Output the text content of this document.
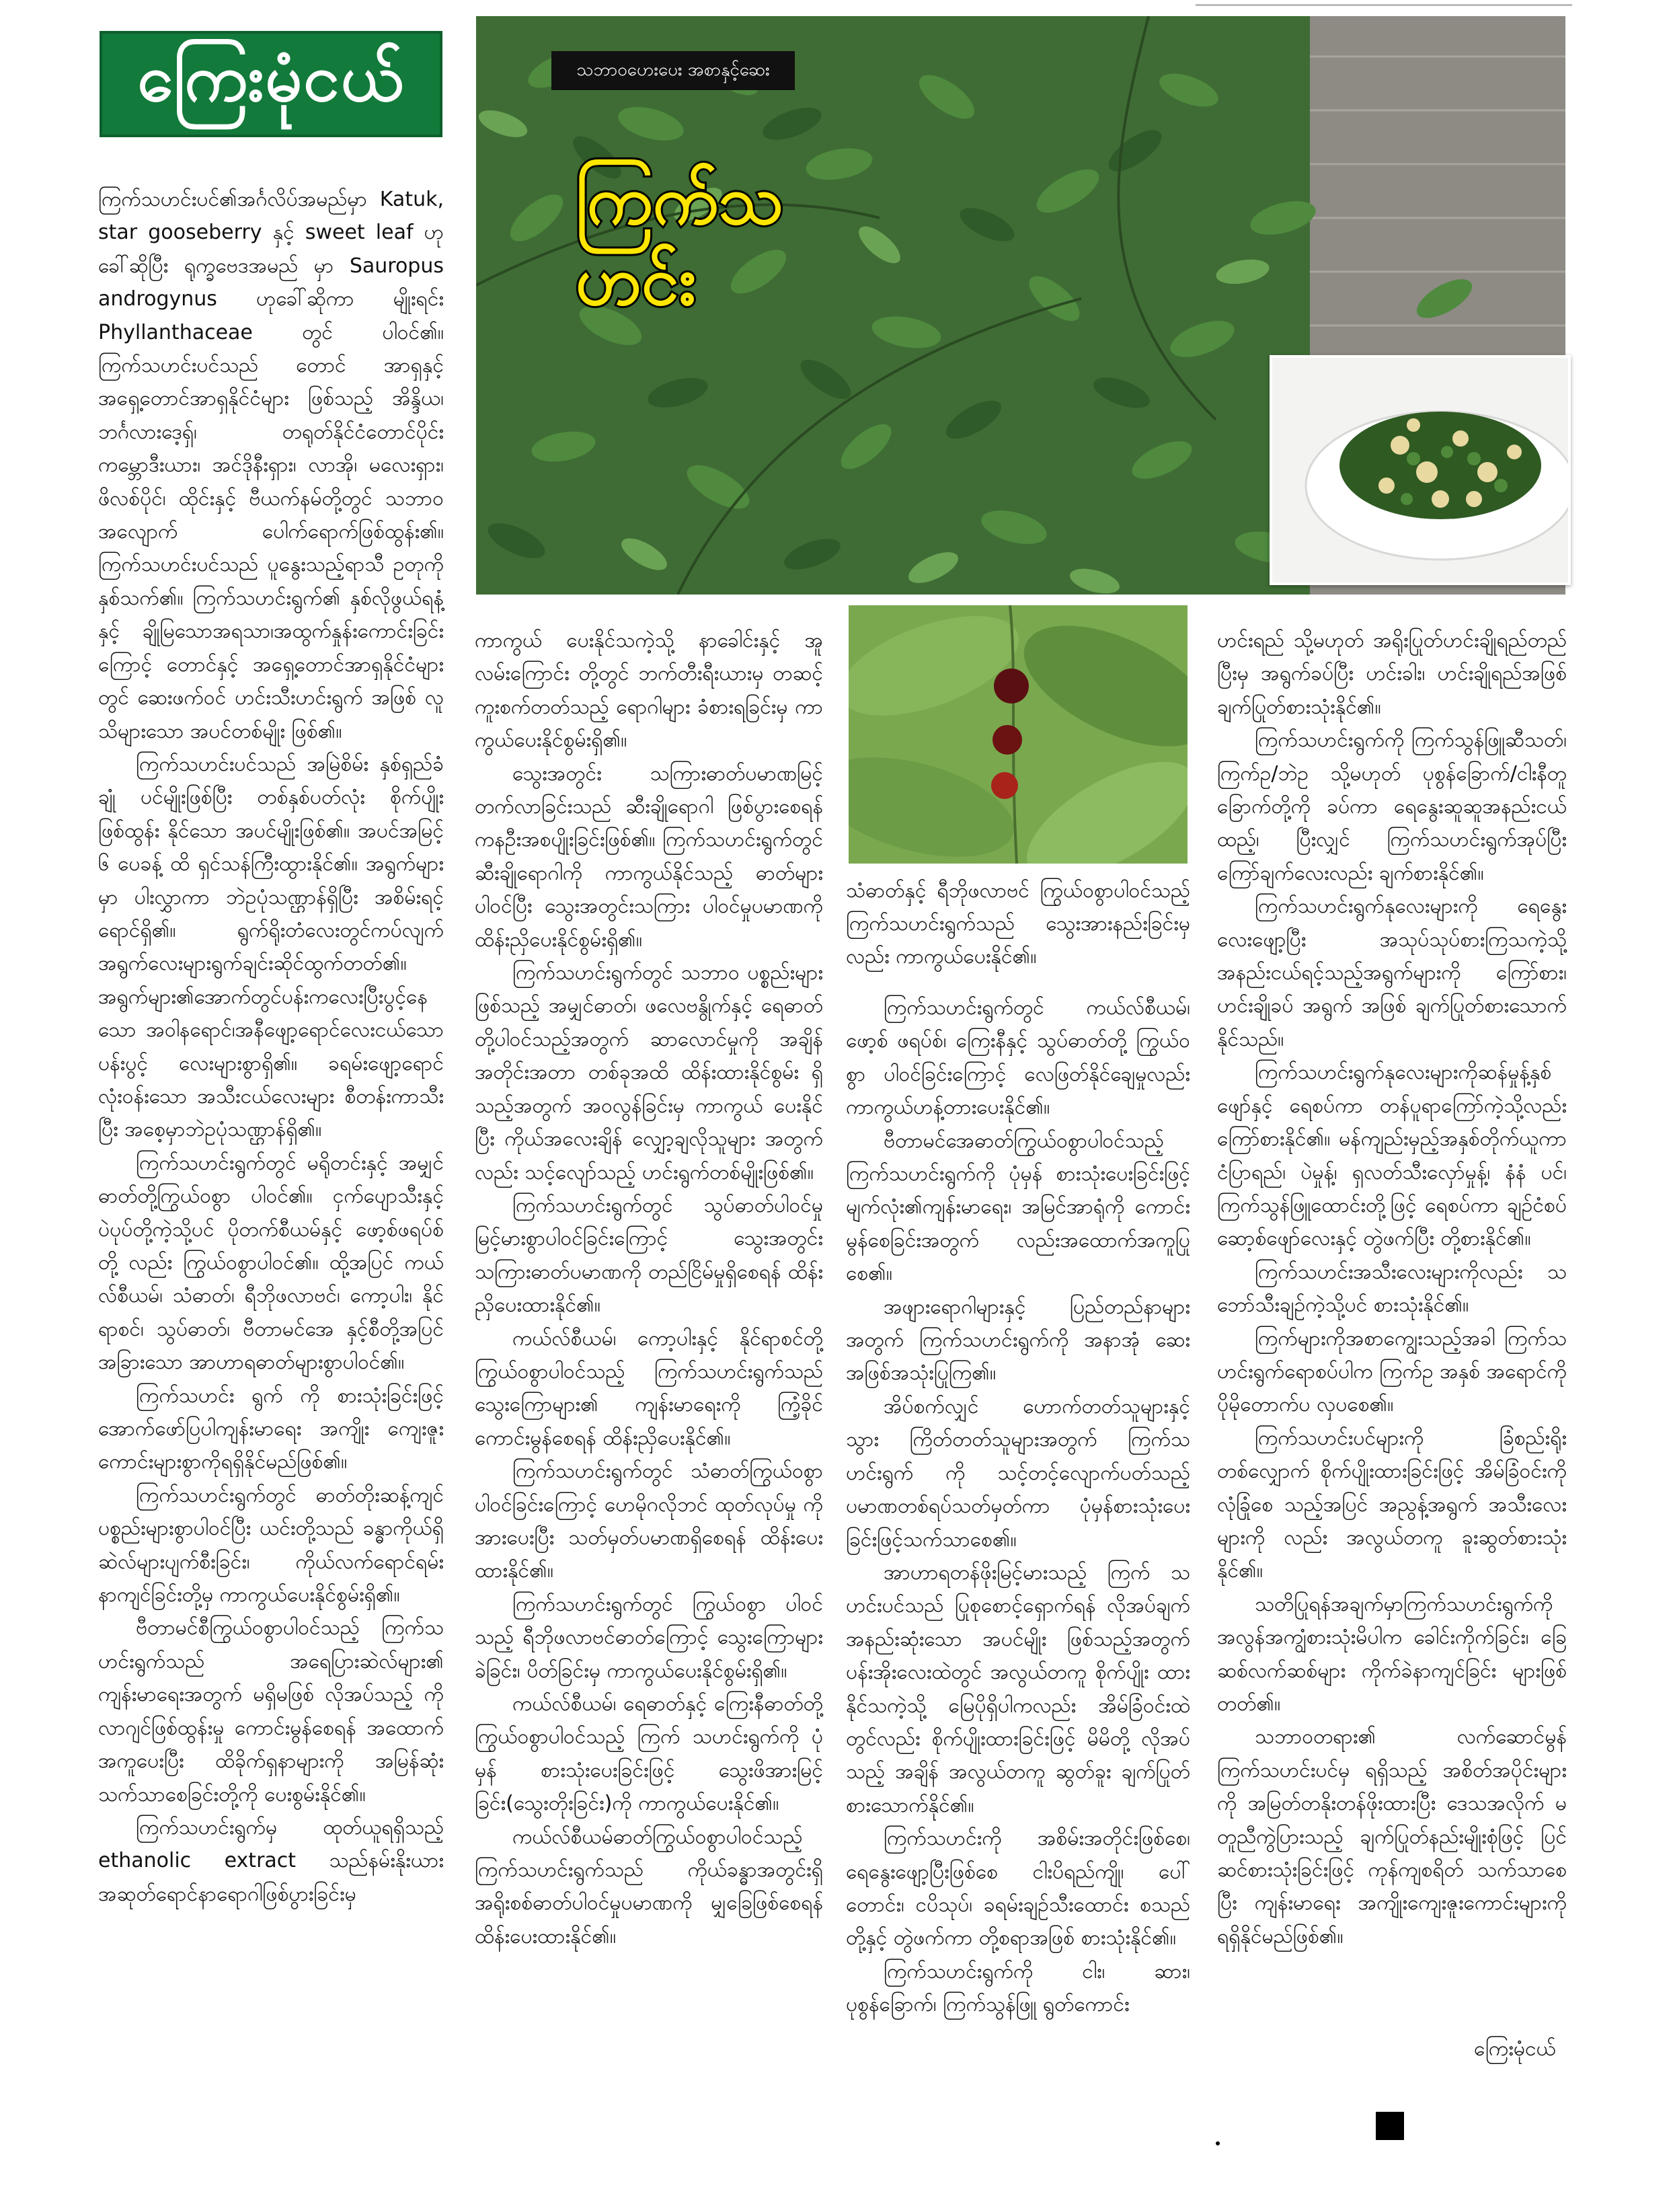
ကြေးမုံငယ်	သဘာဝဟေးပေး အစာနှင့်ဆေး
ကြက်သဟင်း
သံဓာတ်နှင့် ရီဘိုဖလာဗင် ကြွယ်ဝစွာပါဝင်သည့် ကြက်သဟင်းရွက်သည် သွေးအားနည်းခြင်းမှလည်း ကာကွယ်ပေးနိုင်၏။

ကြက်သဟင်းပင်၏အင်္ဂလိပ်အမည်မှာ Katuk, star gooseberry နှင့် sweet leaf ဟု ခေါ်ဆိုပြီး ရုက္ခဗေဒအမည် မှာ Sauropus androgynus ဟုခေါ်ဆိုကာ မျိုးရင်း Phyllanthaceae တွင် ပါဝင်၏။ ကြက်သဟင်းပင်သည် တောင် အာရှနှင့် အရှေ့တောင်အာရှနိုင်ငံများ ဖြစ်သည့် အိန္ဒိယ၊ ဘင်္ဂလားဒေ့ရှ်၊ တရုတ်နိုင်ငံတောင်ပိုင်း ကမ္ဘောဒီးယား၊ အင်ဒိုနီးရှား၊ လာအို၊ မလေးရှား၊ ဖိလစ်ပိုင်၊ ထိုင်းနှင့် ဗီယက်နမ်တို့တွင် သဘာဝ အလျောက် ပေါက်ရောက်ဖြစ်ထွန်း၏။ ကြက်သဟင်းပင်သည် ပူနွေးသည့်ရာသီ ဥတုကို နှစ်သက်၏။ ကြက်သဟင်းရွက်၏ နှစ်လိုဖွယ်ရနံ့နှင့် ချိုမြသောအရသာ၊အထွက်နှုန်းကောင်းခြင်းကြောင့် တောင်နှင့် အရှေ့တောင်အာရှနိုင်ငံများတွင် ဆေးဖက်ဝင် ဟင်းသီးဟင်းရွက် အဖြစ် လူသိများသော အပင်တစ်မျိုး ဖြစ်၏။

ကြက်သဟင်းပင်သည် အမြဲစိမ်း နှစ်ရှည်ခံချုံ ပင်မျိုးဖြစ်ပြီး တစ်နှစ်ပတ်လုံး စိုက်ပျိုးဖြစ်ထွန်း နိုင်သော အပင်မျိုးဖြစ်၏။ အပင်အမြင့် ၆ ပေခန့် ထိ ရှင်သန်ကြီးထွားနိုင်၏။ အရွက်များမှာ ပါးလွှာကာ ဘဲဥပုံသဏ္ဌာန်ရှိပြီး အစိမ်းရင့်ရောင်ရှိ၏။ ရွက်ရိုးတံလေးတွင်ကပ်လျက် အရွက်လေးများရွက်ချင်းဆိုင်ထွက်တတ်၏။ အရွက်များ၏အောက်တွင်ပန်းကလေးပြီးပွင့်နေသော အဝါနရောင်၊အနီဖျော့ရောင်လေးငယ်သော ပန်းပွင့် လေးများစွာရှိ၏။ ခရမ်းဖျော့ရောင် လုံးဝန်းသော အသီးငယ်လေးများ စီတန်းကာသီးပြီး အစေ့မှာဘဲဥပုံသဏ္ဌာန်ရှိ၏။

ကြက်သဟင်းရွက်တွင် မရိုတင်းနှင့် အမျှင်ဓာတ်တို့ကြွယ်ဝစွာ ပါဝင်၏။ ငှက်ပျောသီးနှင့် ပဲပုပ်တို့ကဲ့သို့ပင် ပိုတက်စီယမ်နှင့် ဖော့စ်ဖရပ်စ်တို့ လည်း ကြွယ်ဝစွာပါဝင်၏။ ထို့အပြင် ကယ်လ်စီယမ်၊ သံဓာတ်၊ ရီဘိုဖလာဗင်၊ ကော့ပါး၊ နိုင်ရာစင်၊ သွပ်ဓာတ်၊ ဗီတာမင်အေ နှင့်စီတို့အပြင် အခြားသော အာဟာရဓာတ်များစွာပါဝင်၏။

ကြက်သဟင်း ရွက် ကို စားသုံးခြင်းဖြင့် အောက်ဖော်ပြပါကျန်းမာရေး အကျိုး ကျေးဇူးကောင်းများစွာကိုရရှိနိုင်မည်ဖြစ်၏။

ကြက်သဟင်းရွက်တွင် ဓာတ်တိုးဆန့်ကျင်ပစ္စည်းများစွာပါဝင်ပြီး ယင်းတို့သည် ခန္ဓာကိုယ်ရှိ ဆဲလ်များပျက်စီးခြင်း၊ ကိုယ်လက်ရောင်ရမ်း နာကျင်ခြင်းတို့မှ ကာကွယ်ပေးနိုင်စွမ်းရှိ၏။

ဗီတာမင်စီကြွယ်ဝစွာပါဝင်သည့် ကြက်သဟင်းရွက်သည် အရေပြားဆဲလ်များ၏ ကျန်းမာရေးအတွက် မရှိမဖြစ် လိုအပ်သည့် ကိုလာဂျင်ဖြစ်ထွန်းမှု ကောင်းမွန်စေရန် အထောက် အကူပေးပြီး ထိခိုက်ရှနာများကို အမြန်ဆုံး သက်သာစေခြင်းတို့ကို ပေးစွမ်းနိုင်၏။

ကြက်သဟင်းရွက်မှ ထုတ်ယူရရှိသည့် ethanolic extract သည်နမ်းနိုးယား အဆုတ်ရောင်နာရောဂါဖြစ်ပွားခြင်းမှ

ကာကွယ် ပေးနိုင်သကဲ့သို့ နာခေါင်းနှင့် အူလမ်းကြောင်း တို့တွင် ဘက်တီးရီးယားမှ တဆင့် ကူးစက်တတ်သည့် ရောဂါများ ခံစားရခြင်းမှ ကာကွယ်ပေးနိုင်စွမ်းရှိ၏။

သွေးအတွင်း သကြားဓာတ်ပမာဏမြင့် တက်လာခြင်းသည် ဆီးချိုရောဂါ ဖြစ်ပွားစေရန် ကနဦးအစပျိုးခြင်းဖြစ်၏။ ကြက်သဟင်းရွက်တွင် ဆီးချိုရောဂါကို ကာကွယ်နိုင်သည့် ဓာတ်များပါဝင်ပြီး သွေးအတွင်းသကြား ပါဝင်မှုပမာဏကို ထိန်းညှိပေးနိုင်စွမ်းရှိ၏။

ကြက်သဟင်းရွက်တွင် သဘာဝ ပစ္စည်းများဖြစ်သည့် အမျှင်ဓာတ်၊ ဖလေဗနွိုက်နှင့် ရေဓာတ်တို့ပါဝင်သည့်အတွက် ဆာလောင်မှုကို အချိန် အတိုင်းအတာ တစ်ခုအထိ ထိန်းထားနိုင်စွမ်း ရှိသည့်အတွက် အဝလွန်ခြင်းမှ ကာကွယ် ပေးနိုင်ပြီး ကိုယ်အလေးချိန် လျှော့ချလိုသူများ အတွက်လည်း သင့်လျော်သည့် ဟင်းရွက်တစ်မျိုးဖြစ်၏။

ကြက်သဟင်းရွက်တွင် သွပ်ဓာတ်ပါဝင်မှုမြင့်မားစွာပါဝင်ခြင်းကြောင့် သွေးအတွင်း သကြားဓာတ်ပမာဏကို တည်ငြိမ်မှုရှိစေရန် ထိန်းညှိပေးထားနိုင်၏။

ကယ်လ်စီယမ်၊ ကော့ပါးနှင့် နိုင်ရာစင်တို့ကြွယ်ဝစွာပါဝင်သည့် ကြက်သဟင်းရွက်သည် သွေးကြောများ၏ ကျန်းမာရေးကို ကြံ့ခိုင်ကောင်းမွန်စေရန် ထိန်းညှိပေးနိုင်၏။

ကြက်သဟင်းရွက်တွင် သံဓာတ်ကြွယ်ဝစွာ ပါဝင်ခြင်းကြောင့် ဟေမိုဂလိုဘင် ထုတ်လုပ်မှု ကို အားပေးပြီး သတ်မှတ်ပမာဏရှိစေရန် ထိန်းပေးထားနိုင်၏။

ကြက်သဟင်းရွက်တွင် ကြွယ်ဝစွာ ပါဝင်သည့် ရီဘိုဖလာဗင်ဓာတ်ကြောင့် သွေးကြောများခဲခြင်း၊ ပိတ်ခြင်းမှ ကာကွယ်ပေးနိုင်စွမ်းရှိ၏။

ကယ်လ်စီယမ်၊ ရေဓာတ်နှင့် ကြေးနီဓာတ်တို့ကြွယ်ဝစွာပါဝင်သည့် ကြက် သဟင်းရွက်ကို ပုံမှန် စားသုံးပေးခြင်းဖြင့် သွေးဖိအားမြင့်ခြင်း(သွေးတိုးခြင်း)ကို ကာကွယ်ပေးနိုင်၏။

ကယ်လ်စီယမ်ဓာတ်ကြွယ်ဝစွာပါဝင်သည့် ကြက်သဟင်းရွက်သည် ကိုယ်ခန္ဓာအတွင်းရှိ အရိုးစစ်ဓာတ်ပါဝင်မှုပမာဏကို မျှခြေဖြစ်စေရန်ထိန်းပေးထားနိုင်၏။

ကြက်သဟင်းရွက်တွင် ကယ်လ်စီယမ်၊ ဖော့စ် ဖရပ်စ်၊ ကြေးနီနှင့် သွပ်ဓာတ်တို့ ကြွယ်ဝစွာ ပါဝင်ခြင်းကြောင့် လေဖြတ်နိုင်ချေမှုလည်းကာကွယ်ဟန့်တားပေးနိုင်၏။

ဗီတာမင်အေဓာတ်ကြွယ်ဝစွာပါဝင်သည့် ကြက်သဟင်းရွက်ကို ပုံမှန် စားသုံးပေးခြင်းဖြင့် မျက်လုံး၏ကျန်းမာရေး၊ အမြင်အာရုံကို ကောင်း မွန်စေခြင်းအတွက် လည်းအထောက်အကူပြုစေ၏။

အဖျားရောဂါများနှင့် ပြည်တည်နာများ အတွက် ကြက်သဟင်းရွက်ကို အနာအုံ ဆေးအဖြစ်အသုံးပြုကြ၏။

အိပ်စက်လျှင် ဟောက်တတ်သူများနှင့် သွား ကြိတ်တတ်သူများအတွက် ကြက်သဟင်းရွက် ကို သင့်တင့်လျောက်ပတ်သည့်ပမာဏတစ်ရပ်သတ်မှတ်ကာ ပုံမှန်စားသုံးပေးခြင်းဖြင့်သက်သာစေ၏။

အာဟာရတန်ဖိုးမြင့်မားသည့် ကြက် သဟင်းပင်သည် ပြုစုစောင့်ရှောက်ရန် လိုအပ်ချက် အနည်းဆုံးသော အပင်မျိုး ဖြစ်သည့်အတွက် ပန်းအိုးလေးထဲတွင် အလွယ်တကူ စိုက်ပျိုး ထားနိုင်သကဲ့သို့ မြေပိုရှိပါကလည်း အိမ်ခြံဝင်းထဲ တွင်လည်း စိုက်ပျိုးထားခြင်းဖြင့် မိမိတို့ လိုအပ် သည့် အချိန် အလွယ်တကူ ဆွတ်ခူး ချက်ပြုတ်စားသောက်နိုင်၏။

ကြက်သဟင်းကို အစိမ်းအတိုင်းဖြစ်စေ၊ ရေနွေးဖျော့ပြီးဖြစ်စေ ငါးပိရည်ကျို၊ ပေါ်တောင်း၊ ငပိသုပ်၊ ခရမ်းချဉ်သီးထောင်း စသည်တို့နှင့် တွဲဖက်ကာ တို့စရာအဖြစ် စားသုံးနိုင်၏။

ကြက်သဟင်းရွက်ကို ငါး၊ ဆား၊ ပုစွန်ခြောက်၊ ကြက်သွန်ဖြူ ရွတ်ကောင်း

ဟင်းရည် သို့မဟုတ် အရိုးပြုတ်ဟင်းချိုရည်တည်ပြီးမှ အရွက်ခပ်ပြီး ဟင်းခါး၊ ဟင်းချိုရည်အဖြစ်ချက်ပြုတ်စားသုံးနိုင်၏။

ကြက်သဟင်းရွက်ကို ကြက်သွန်ဖြူဆီသတ်၊ ကြက်ဥ/ဘဲဥ သို့မဟုတ် ပုစွန်ခြောက်/ငါးနီတူ ခြောက်တို့ကို ခပ်ကာ ရေနွေးဆူဆူအနည်းငယ် ထည့်၊ ပြီးလျှင် ကြက်သဟင်းရွက်အုပ်ပြီး ကြော်ချက်လေးလည်း ချက်စားနိုင်၏။

ကြက်သဟင်းရွက်နုလေးများကို ရေနွေးလေးဖျော့ပြီး အသုပ်သုပ်စားကြသကဲ့သို့ အနည်းငယ်ရင့်သည့်အရွက်များကို ကြော်စား၊ ဟင်းချိုခပ် အရွက် အဖြစ် ချက်ပြုတ်စားသောက်နိုင်သည်။

ကြက်သဟင်းရွက်နုလေးများကိုဆန်မှုန့်နှစ်ဖျော်နှင့် ရေစပ်ကာ တန်ပူရာကြော်ကဲ့သို့လည်း ကြော်စားနိုင်၏။ မန်ကျည်းမှည့်အနှစ်တိုက်ယူကာ ငံပြာရည်၊ ပဲမှုန့်၊ ရှလတ်သီးလှော်မှုန့်၊ နံနံ ပင်၊ ကြက်သွန်ဖြူထောင်းတို့ဖြင့် ရေစပ်ကာ ချဉ်ငံစပ်ဆော့စ်ဖျော်လေးနှင့် တွဲဖက်ပြီး တို့စားနိုင်၏။

ကြက်သဟင်းအသီးလေးများကိုလည်း သဘော်သီးချဉ်ကဲ့သို့ပင် စားသုံးနိုင်၏။

ကြက်များကိုအစာကျွေးသည့်အခါ ကြက်သဟင်းရွက်ရောစပ်ပါက ကြက်ဥ အနှစ် အရောင်ကို ပိုမိုတောက်ပ လှပစေ၏။

ကြက်သဟင်းပင်များကို ခြံစည်းရိုး တစ်လျှောက် စိုက်ပျိုးထားခြင်းဖြင့် အိမ်ခြံဝင်းကို လုံခြုံစေ သည့်အပြင် အညွန့်အရွက် အသီးလေးများကို လည်း အလွယ်တကူ ခူးဆွတ်စားသုံးနိုင်၏။

သတိပြုရန်အချက်မှာကြက်သဟင်းရွက်ကို အလွန်အကျွံစားသုံးမိပါက ခေါင်းကိုက်ခြင်း၊ ခြေဆစ်လက်ဆစ်များ ကိုက်ခဲနာကျင်ခြင်း များဖြစ်တတ်၏။

သဘာဝတရား၏ လက်ဆောင်မွန် ကြက်သဟင်းပင်မှ ရရှိသည့် အစိတ်အပိုင်းများကို အမြတ်တနိုးတန်ဖိုးထားပြီး ဒေသအလိုက် မတူညီကွဲပြားသည့် ချက်ပြုတ်နည်းမျိုးစုံဖြင့် ပြင် ဆင်စားသုံးခြင်းဖြင့် ကုန်ကျစရိတ် သက်သာစေပြီး ကျန်းမာရေး အကျိုးကျေးဇူးကောင်းများကို ရရှိနိုင်မည်ဖြစ်၏။

ကြေးမုံငယ်
